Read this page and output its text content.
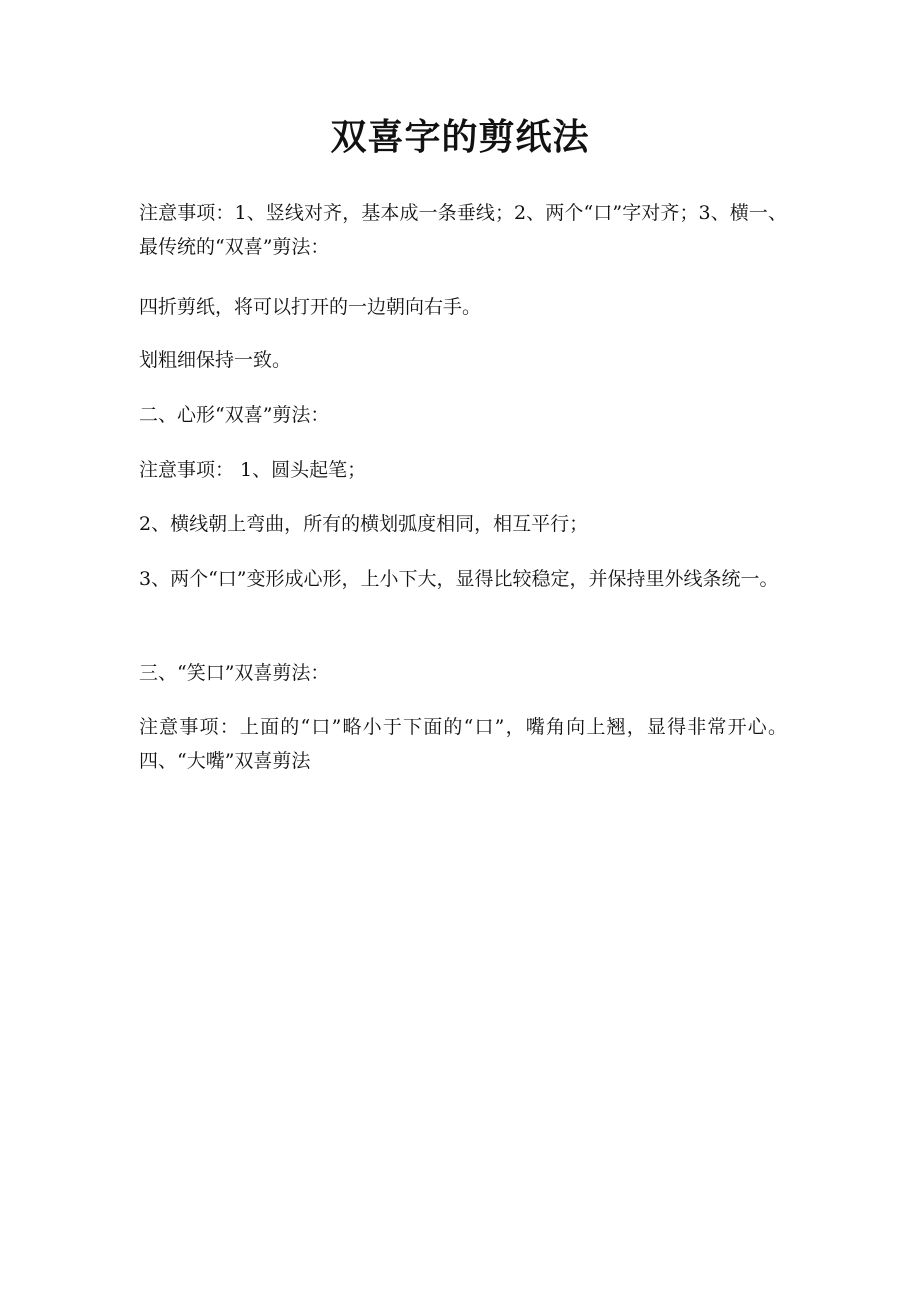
双喜字的剪纸法

注意事项：1、竖线对齐，基本成一条垂线；2、两个“口”字对齐；3、横一、最传统的“双喜”剪法：

四折剪纸，将可以打开的一边朝向右手。

划粗细保持一致。

二、心形“双喜”剪法：

注意事项： 1、圆头起笔；

2、横线朝上弯曲，所有的横划弧度相同，相互平行；

3、两个“口”变形成心形，上小下大，显得比较稳定，并保持里外线条统一。

三、“笑口”双喜剪法：

注意事项：上面的“口”略小于下面的“口”，嘴角向上翘，显得非常开心。 四、“大嘴”双喜剪法
